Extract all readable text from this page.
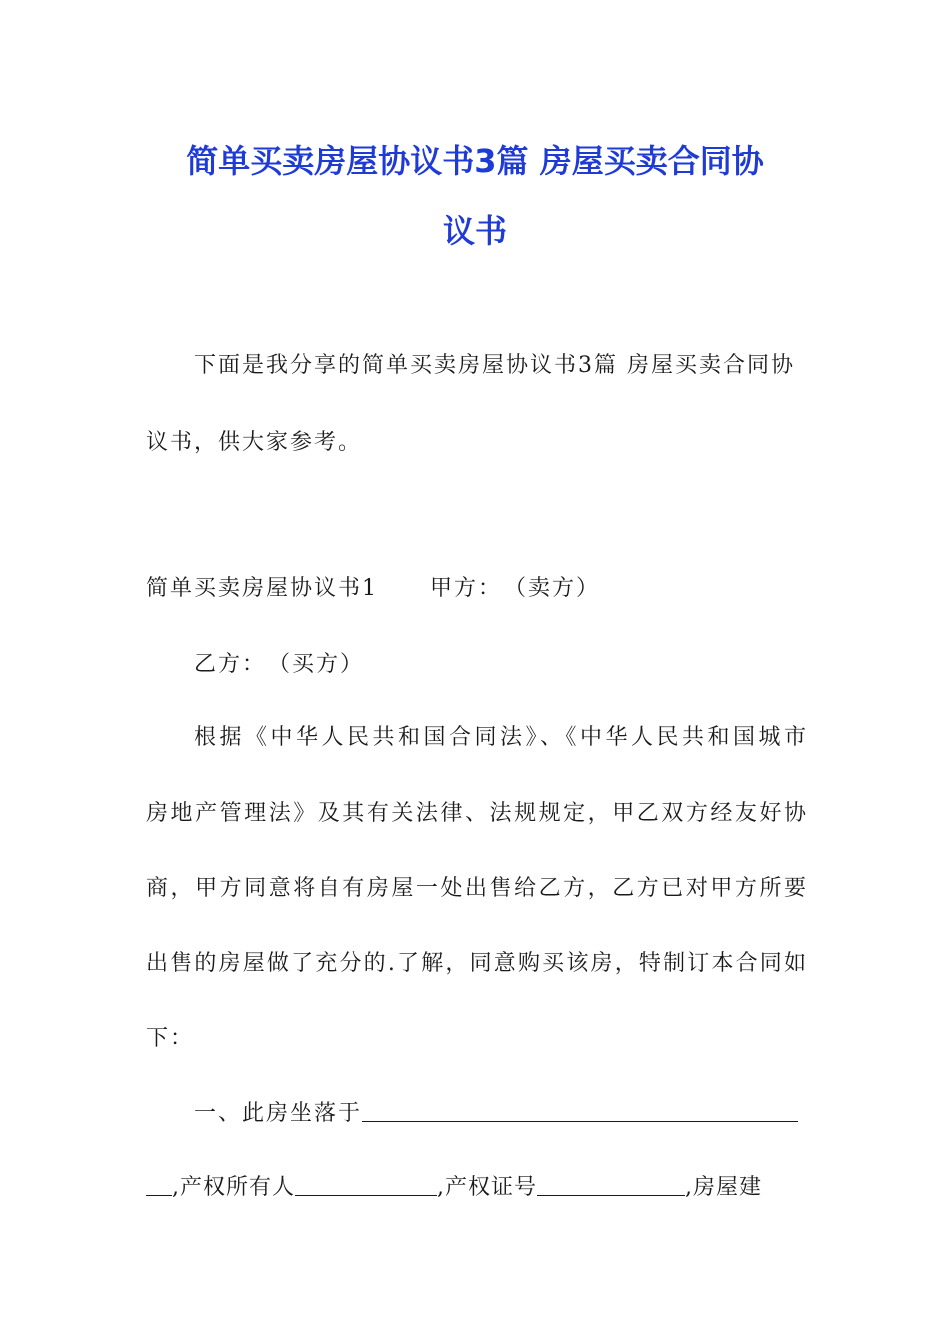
简单买卖房屋协议书3篇 房屋买卖合同协
议书
下面是我分享的简单买卖房屋协议书3篇 房屋买卖合同协
议书，供大家参考。
简单买卖房屋协议书1 甲方：　（卖方）
乙方：　（买方）
根据《中华人民共和国合同法》、《中华人民共和国城市
房地产管理法》及其有关法律、法规规定，甲乙双方经友好协
商，甲方同意将自有房屋一处出售给乙方，乙方已对甲方所要
出售的房屋做了充分的.了解，同意购买该房，特制订本合同如
下：
一、此房坐落于
,产权所有人	,产权证号	,房屋建
